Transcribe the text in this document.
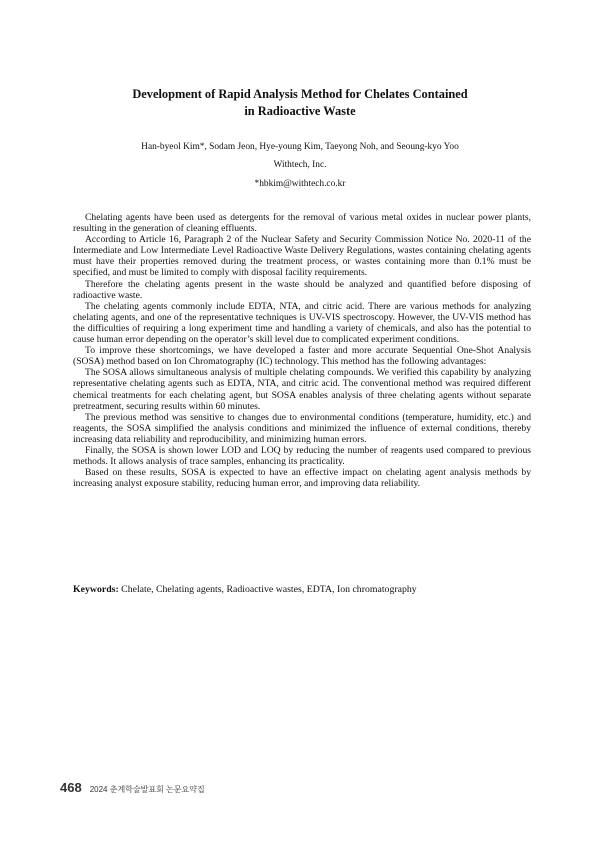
Development of Rapid Analysis Method for Chelates Contained
in Radioactive Waste

Han-byeol Kim*, Sodam Jeon, Hye-young Kim, Taeyong Noh, and Seoung-kyo Yoo

Withtech, Inc.

*hbkim@withtech.co.kr

Chelating agents have been used as detergents for the removal of various metal oxides in nuclear power plants, resulting in the generation of cleaning effluents.

According to Article 16, Paragraph 2 of the Nuclear Safety and Security Commission Notice No. 2020-11 of the Intermediate and Low Intermediate Level Radioactive Waste Delivery Regulations, wastes containing chelating agents must have their properties removed during the treatment process, or wastes containing more than 0.1% must be specified, and must be limited to comply with disposal facility requirements.

Therefore the chelating agents present in the waste should be analyzed and quantified before disposing of radioactive waste.

The chelating agents commonly include EDTA, NTA, and citric acid. There are various methods for analyzing chelating agents, and one of the representative techniques is UV-VIS spectroscopy. However, the UV-VIS method has the difficulties of requiring a long experiment time and handling a variety of chemicals, and also has the potential to cause human error depending on the operator’s skill level due to complicated experiment conditions.

To improve these shortcomings, we have developed a faster and more accurate Sequential One-Shot Analysis (SOSA) method based on Ion Chromatography (IC) technology. This method has the following advantages:

The SOSA allows simultaneous analysis of multiple chelating compounds. We verified this capability by analyzing representative chelating agents such as EDTA, NTA, and citric acid. The conventional method was required different chemical treatments for each chelating agent, but SOSA enables analysis of three chelating agents without separate pretreatment, securing results within 60 minutes.

The previous method was sensitive to changes due to environmental conditions (temperature, humidity, etc.) and reagents, the SOSA simplified the analysis conditions and minimized the influence of external conditions, thereby increasing data reliability and reproducibility, and minimizing human errors.

Finally, the SOSA is shown lower LOD and LOQ by reducing the number of reagents used compared to previous methods. It allows analysis of trace samples, enhancing its practicality.

Based on these results, SOSA is expected to have an effective impact on chelating agent analysis methods by increasing analyst exposure stability, reducing human error, and improving data reliability.

Keywords: Chelate, Chelating agents, Radioactive wastes, EDTA, Ion chromatography

468 2024 춘계학술발표회 논문요약집
